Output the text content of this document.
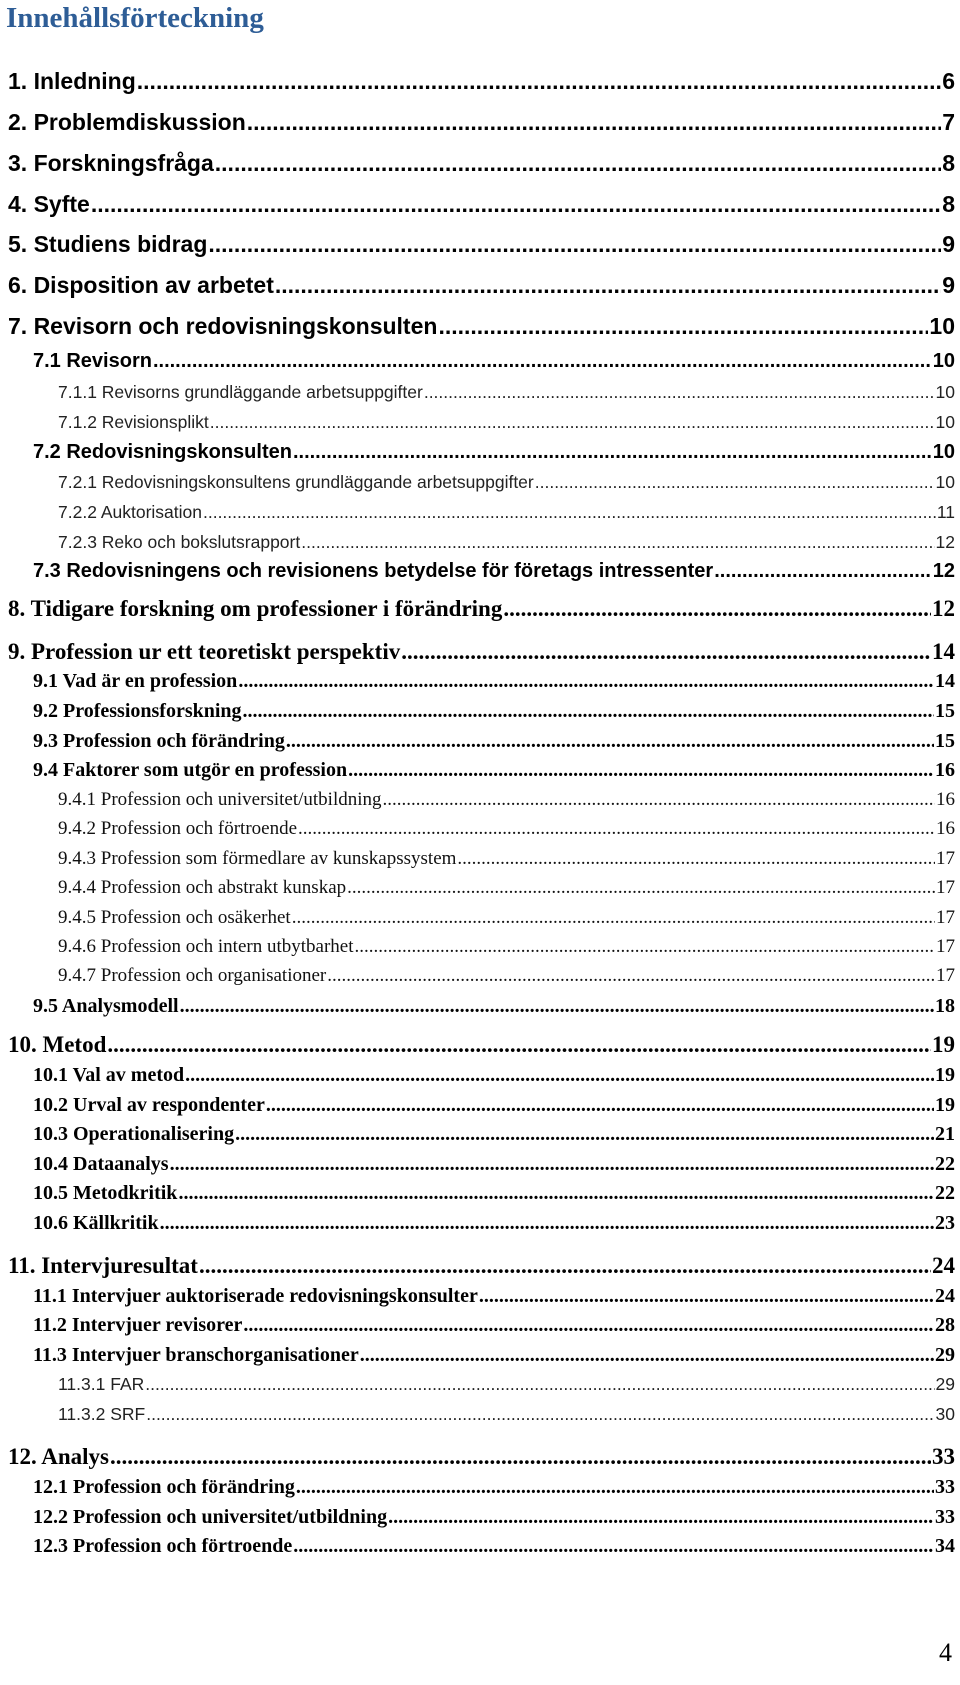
Innehållsförteckning
1. Inledning .....	6
2. Problemdiskussion .....	7
3. Forskningsfråga .....	8
4. Syfte .....	8
5. Studiens bidrag .....	9
6. Disposition av arbetet .....	9
7. Revisorn och redovisningskonsulten .....	10
7.1 Revisorn .....	10
7.1.1 Revisorns grundläggande arbetsuppgifter .....	10
7.1.2 Revisionsplikt .....	10
7.2 Redovisningskonsulten .....	10
7.2.1 Redovisningskonsultens grundläggande arbetsuppgifter .....	10
7.2.2 Auktorisation .....	11
7.2.3 Reko och bokslutsrapport .....	12
7.3 Redovisningens och revisionens betydelse för företags intressenter .....	12
8. Tidigare forskning om professioner i förändring .....	12
9. Profession ur ett teoretiskt perspektiv .....	14
9.1 Vad är en profession .....	14
9.2 Professionsforskning .....	15
9.3 Profession och förändring .....	15
9.4 Faktorer som utgör en profession .....	16
9.4.1 Profession och universitet/utbildning .....	16
9.4.2 Profession och förtroende .....	16
9.4.3 Profession som förmedlare av kunskapssystem .....	17
9.4.4 Profession och abstrakt kunskap .....	17
9.4.5 Profession och osäkerhet .....	17
9.4.6 Profession och intern utbytbarhet .....	17
9.4.7 Profession och organisationer .....	17
9.5 Analysmodell .....	18
10. Metod .....	19
10.1 Val av metod .....	19
10.2 Urval av respondenter .....	19
10.3 Operationalisering .....	21
10.4 Dataanalys .....	22
10.5 Metodkritik .....	22
10.6 Källkritik .....	23
11. Intervjuresultat .....	24
11.1 Intervjuer auktoriserade redovisningskonsulter .....	24
11.2 Intervjuer revisorer .....	28
11.3 Intervjuer branschorganisationer .....	29
11.3.1 FAR .....	29
11.3.2 SRF .....	30
12. Analys .....	33
12.1 Profession och förändring .....	33
12.2 Profession och universitet/utbildning .....	33
12.3 Profession och förtroende .....	34
4
